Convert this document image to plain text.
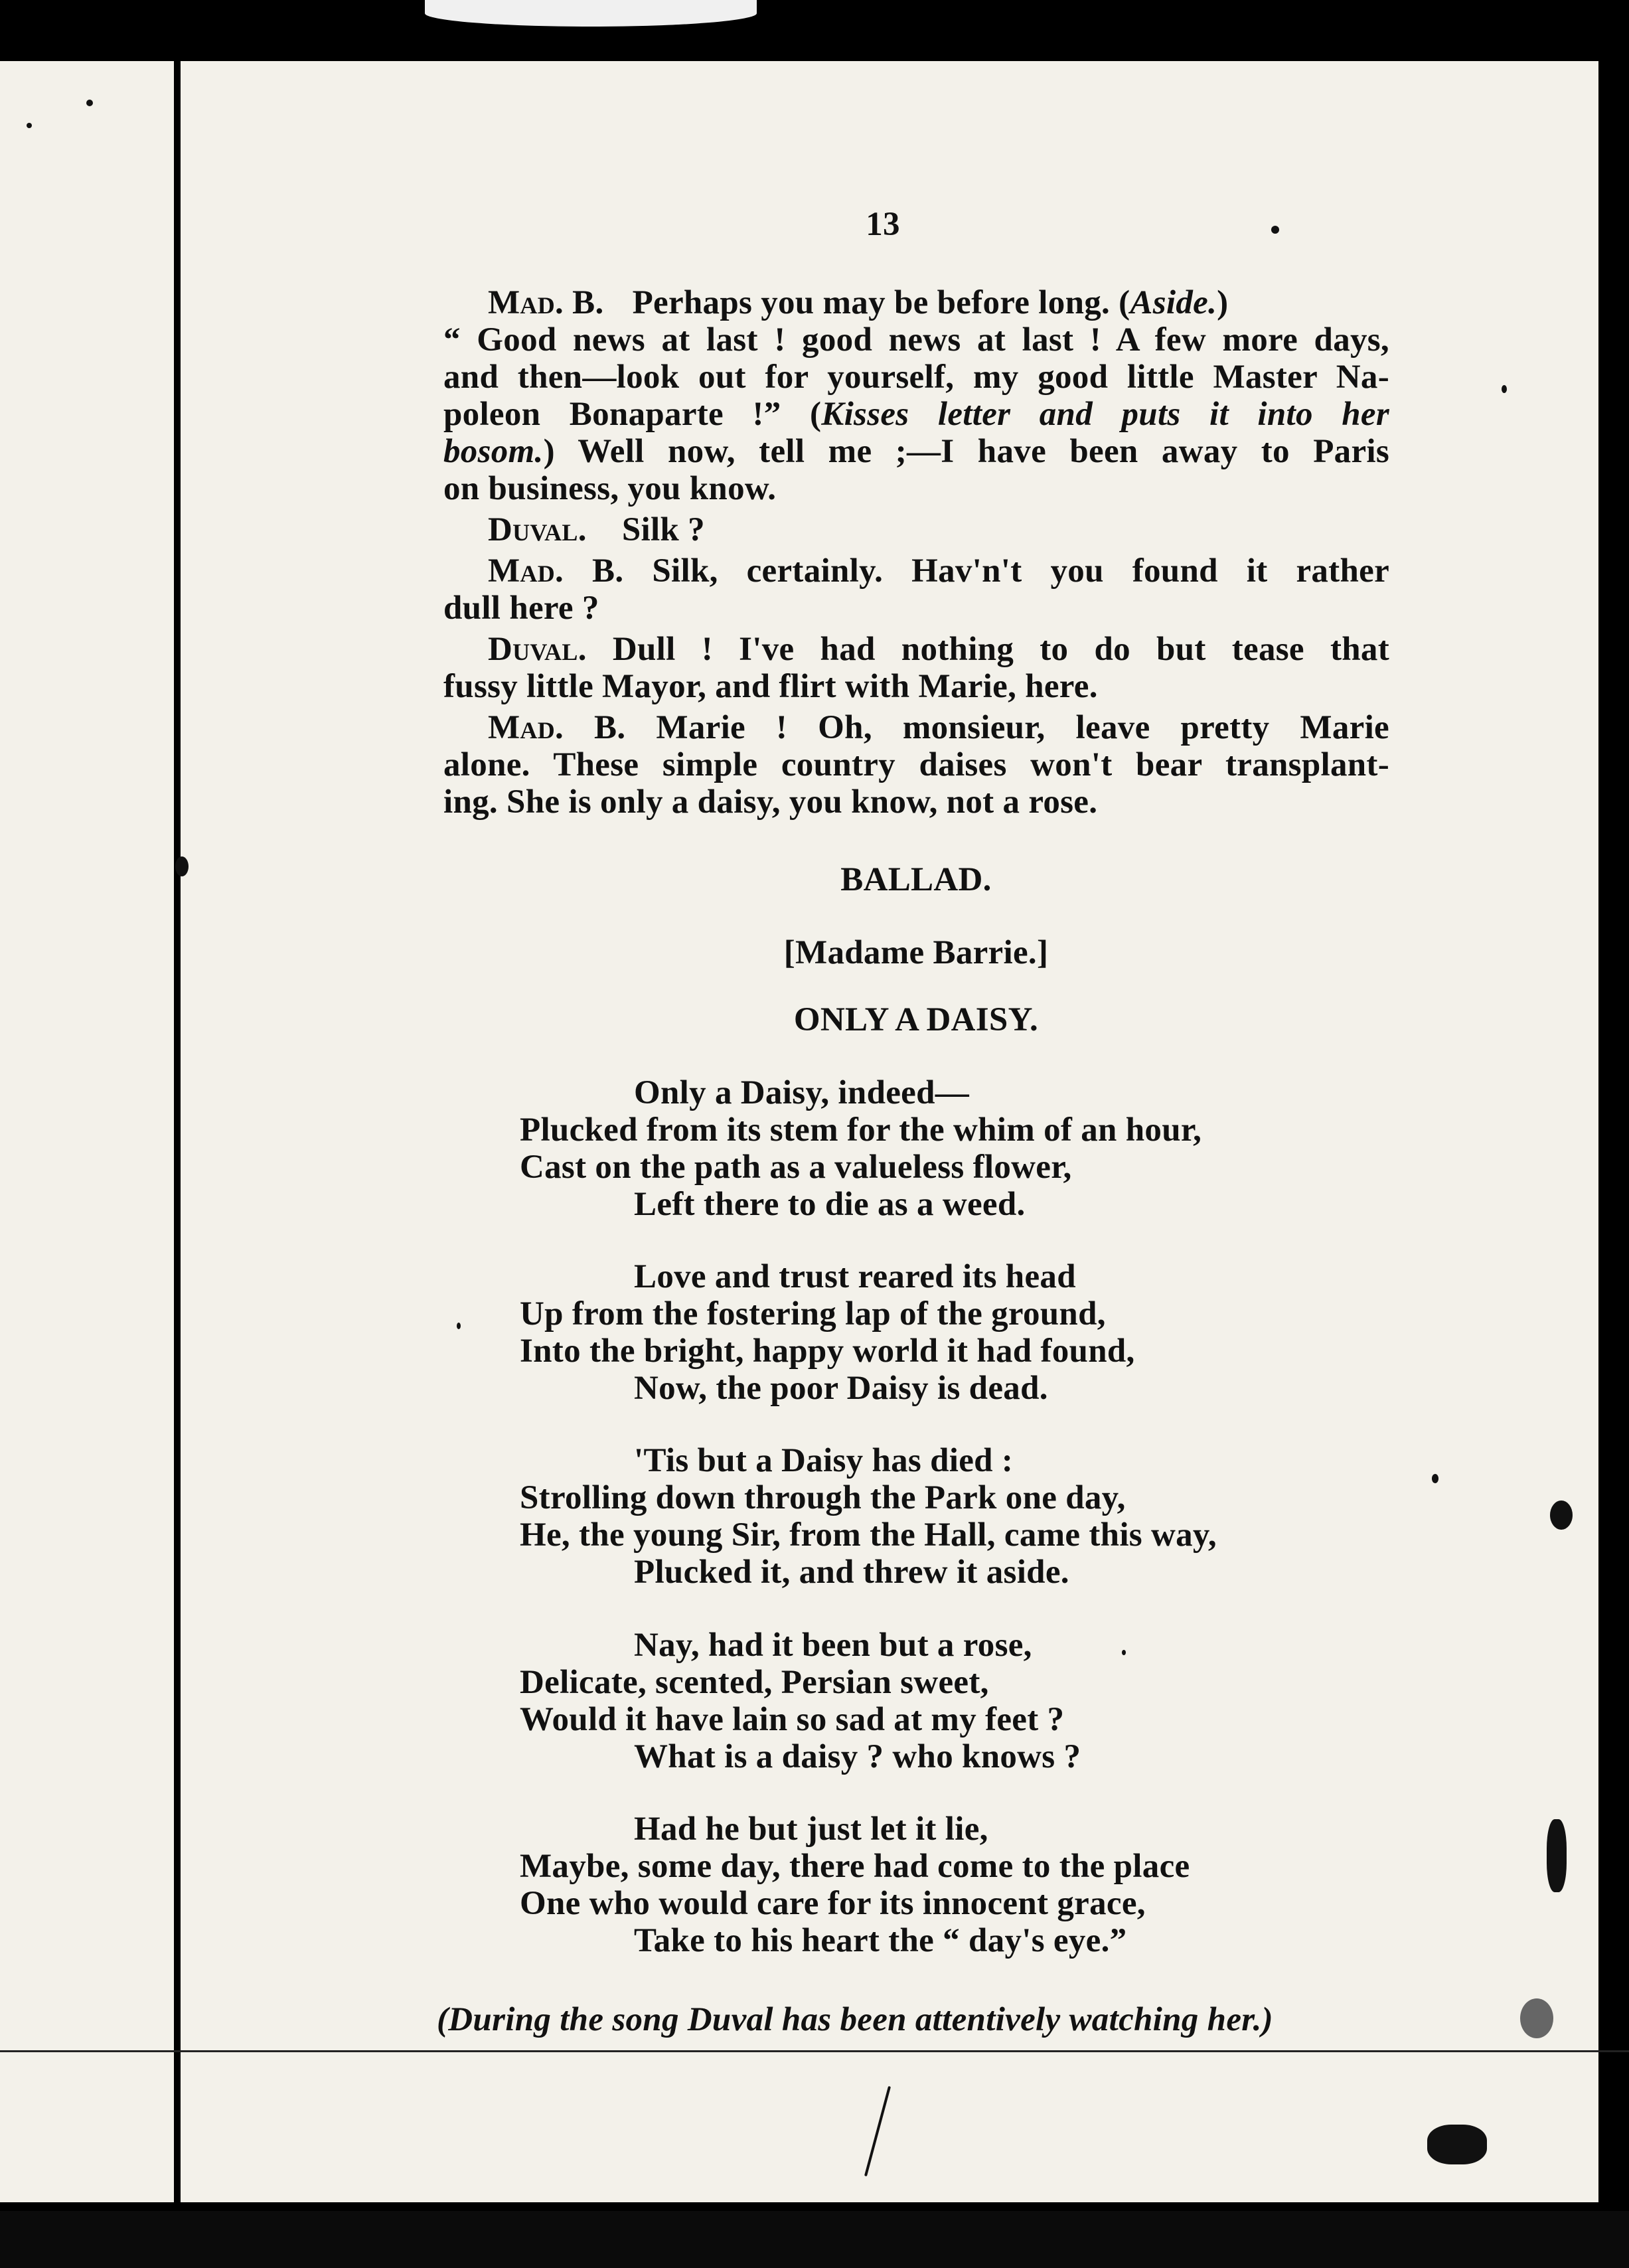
13
Mad. B. Perhaps you may be before long. (Aside.)
“ Good news at last ! good news at last ! A few more days,
and then—look out for yourself, my good little Master Na-
poleon Bonaparte !” (Kisses letter and puts it into her
bosom.) Well now, tell me ;—I have been away to Paris
on business, you know.
Duval. Silk ?
Mad. B. Silk, certainly. Hav'n't you found it rather
dull here ?
Duval. Dull ! I've had nothing to do but tease that
fussy little Mayor, and flirt with Marie, here.
Mad. B. Marie ! Oh, monsieur, leave pretty Marie
alone. These simple country daises won't bear transplant-
ing. She is only a daisy, you know, not a rose.
BALLAD.
[Madame Barrie.]
ONLY A DAISY.
Only a Daisy, indeed—
Plucked from its stem for the whim of an hour,
Cast on the path as a valueless flower,
Left there to die as a weed.
Love and trust reared its head
Up from the fostering lap of the ground,
Into the bright, happy world it had found,
Now, the poor Daisy is dead.
'Tis but a Daisy has died :
Strolling down through the Park one day,
He, the young Sir, from the Hall, came this way,
Plucked it, and threw it aside.
Nay, had it been but a rose,
Delicate, scented, Persian sweet,
Would it have lain so sad at my feet ?
What is a daisy ? who knows ?
Had he but just let it lie,
Maybe, some day, there had come to the place
One who would care for its innocent grace,
Take to his heart the “ day's eye.”
(During the song Duval has been attentively watching her.)
